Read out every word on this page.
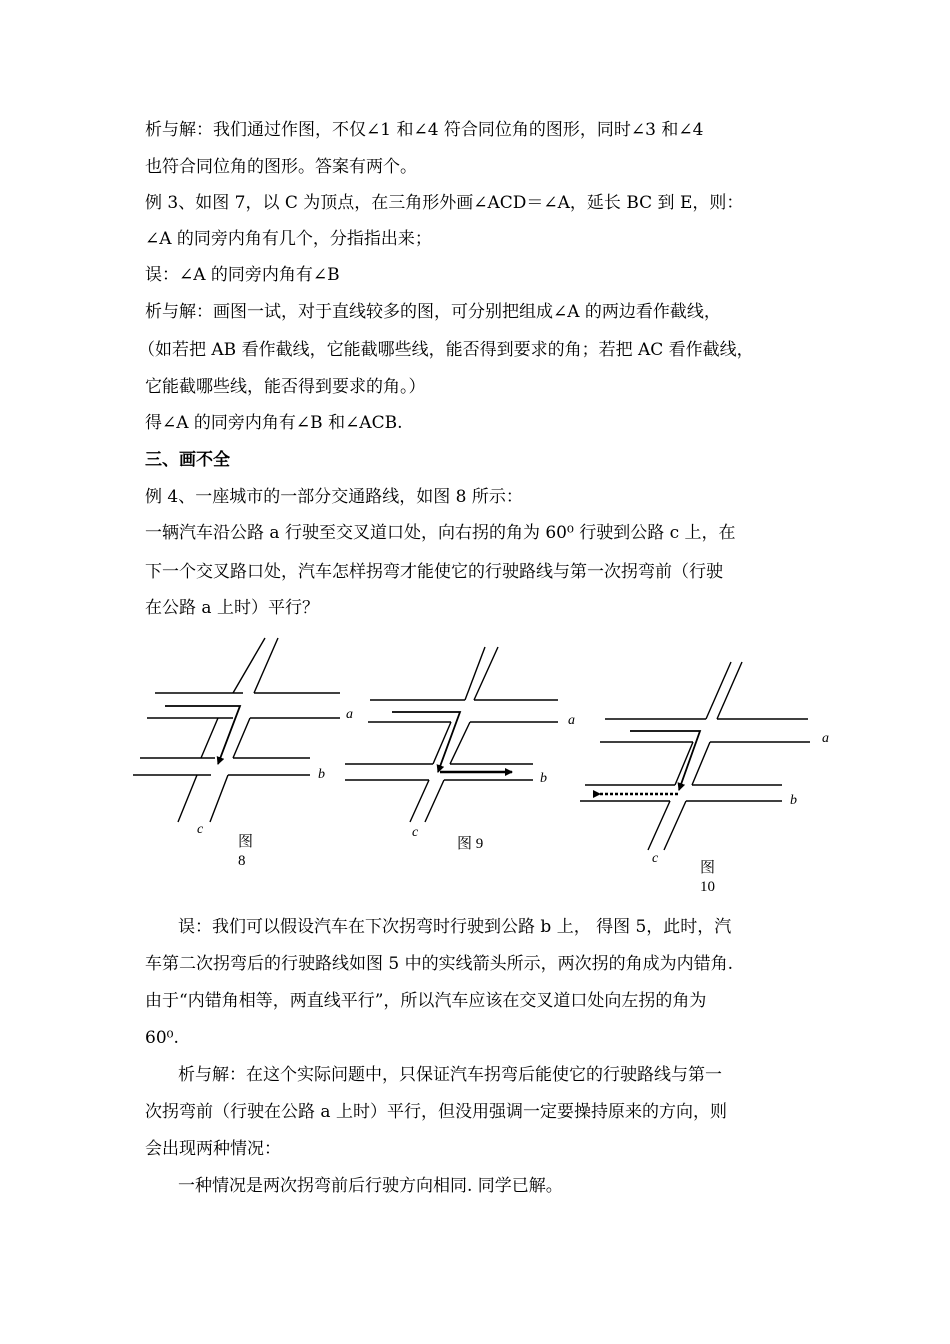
析与解：我们通过作图，不仅∠1 和∠4 符合同位角的图形，同时∠3 和∠4
也符合同位角的图形。答案有两个。
例 3、如图 7，以 C 为顶点，在三角形外画∠ACD＝∠A，延长 BC 到 E，则：
∠A 的同旁内角有几个，分指指出来；
误：∠A 的同旁内角有∠B
析与解：画图一试，对于直线较多的图，可分别把组成∠A 的两边看作截线，
（如若把 AB 看作截线，它能截哪些线，能否得到要求的角；若把 AC 看作截线，
它能截哪些线，能否得到要求的角。）
得∠A 的同旁内角有∠B 和∠ACB.
三、画不全
例 4、一座城市的一部分交通路线，如图 8 所示：
一辆汽车沿公路 a 行驶至交叉道口处，向右拐的角为 60⁰ 行驶到公路 c 上，在
下一个交叉路口处，汽车怎样拐弯才能使它的行驶路线与第一次拐弯前（行驶
在公路 a 上时）平行？
a
b
c
图
8
a
b
c
图 9
a
b
c
图
10
误：我们可以假设汽车在下次拐弯时行驶到公路 b 上， 得图 5，此时，汽
车第二次拐弯后的行驶路线如图 5 中的实线箭头所示，两次拐的角成为内错角.
由于“内错角相等，两直线平行”，所以汽车应该在交叉道口处向左拐的角为
60⁰.
析与解：在这个实际问题中，只保证汽车拐弯后能使它的行驶路线与第一
次拐弯前（行驶在公路 a 上时）平行，但没用强调一定要操持原来的方向，则
会出现两种情况：
一种情况是两次拐弯前后行驶方向相同. 同学已解。
